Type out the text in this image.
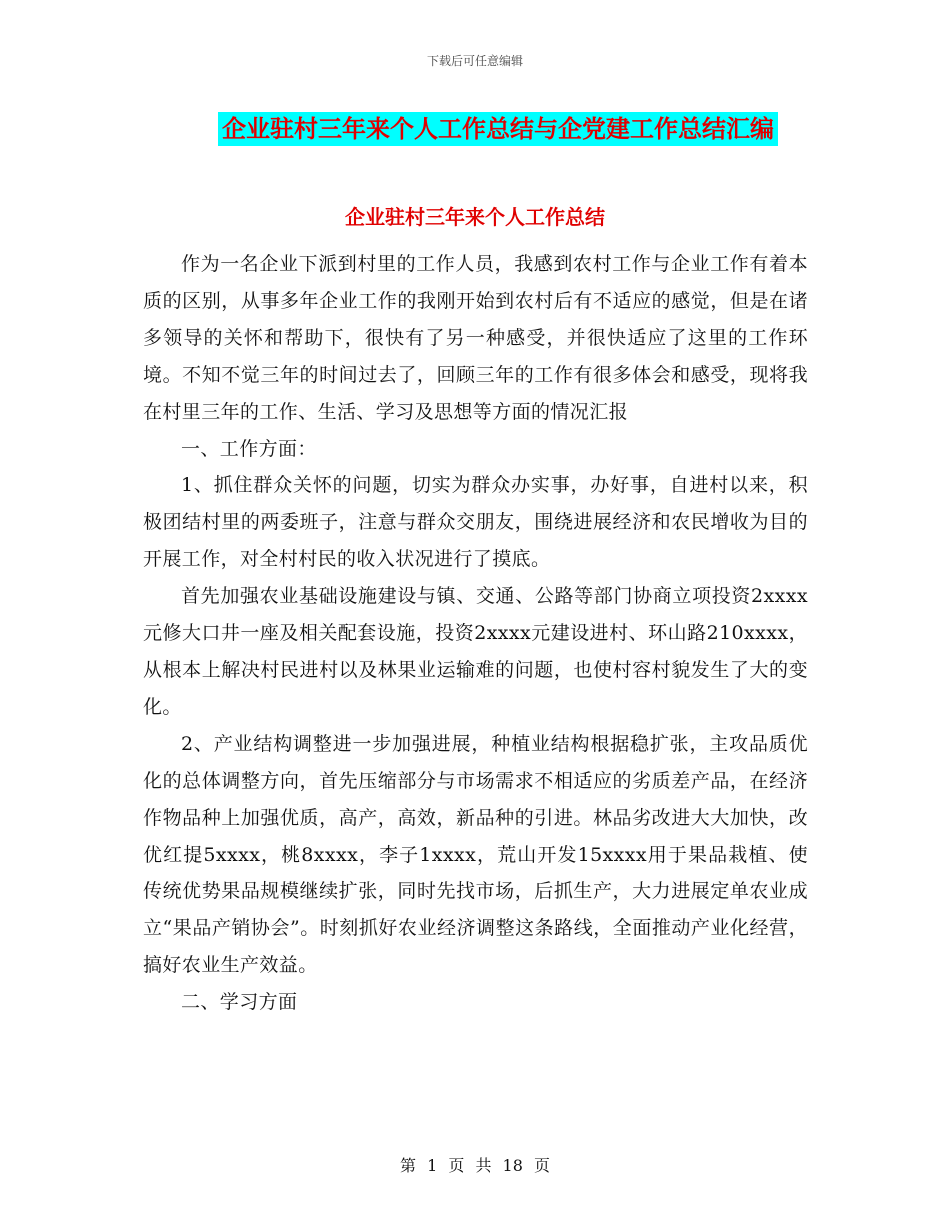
下载后可任意编辑
企业驻村三年来个人工作总结与企党建工作总结汇编
企业驻村三年来个人工作总结

作为一名企业下派到村里的工作人员，我感到农村工作与企业工作有着本质的区别，从事多年企业工作的我刚开始到农村后有不适应的感觉，但是在诸多领导的关怀和帮助下，很快有了另一种感受，并很快适应了这里的工作环境。不知不觉三年的时间过去了，回顾三年的工作有很多体会和感受，现将我在村里三年的工作、生活、学习及思想等方面的情况汇报

一、工作方面：

1、抓住群众关怀的问题，切实为群众办实事，办好事，自进村以来，积极团结村里的两委班子，注意与群众交朋友，围绕进展经济和农民增收为目的开展工作，对全村村民的收入状况进行了摸底。

首先加强农业基础设施建设与镇、交通、公路等部门协商立项投资2xxxx元修大口井一座及相关配套设施，投资2xxxx元建设进村、环山路210xxxx，从根本上解决村民进村以及林果业运输难的问题，也使村容村貌发生了大的变化。

2、产业结构调整进一步加强进展，种植业结构根据稳扩张，主攻品质优化的总体调整方向，首先压缩部分与市场需求不相适应的劣质差产品，在经济作物品种上加强优质，高产，高效，新品种的引进。林品劣改进大大加快，改优红提5xxxx，桃8xxxx，李子1xxxx，荒山开发15xxxx用于果品栽植、使传统优势果品规模继续扩张，同时先找市场，后抓生产，大力进展定单农业成立“果品产销协会”。时刻抓好农业经济调整这条路线，全面推动产业化经营，搞好农业生产效益。

二、学习方面

第 1 页 共 18 页
